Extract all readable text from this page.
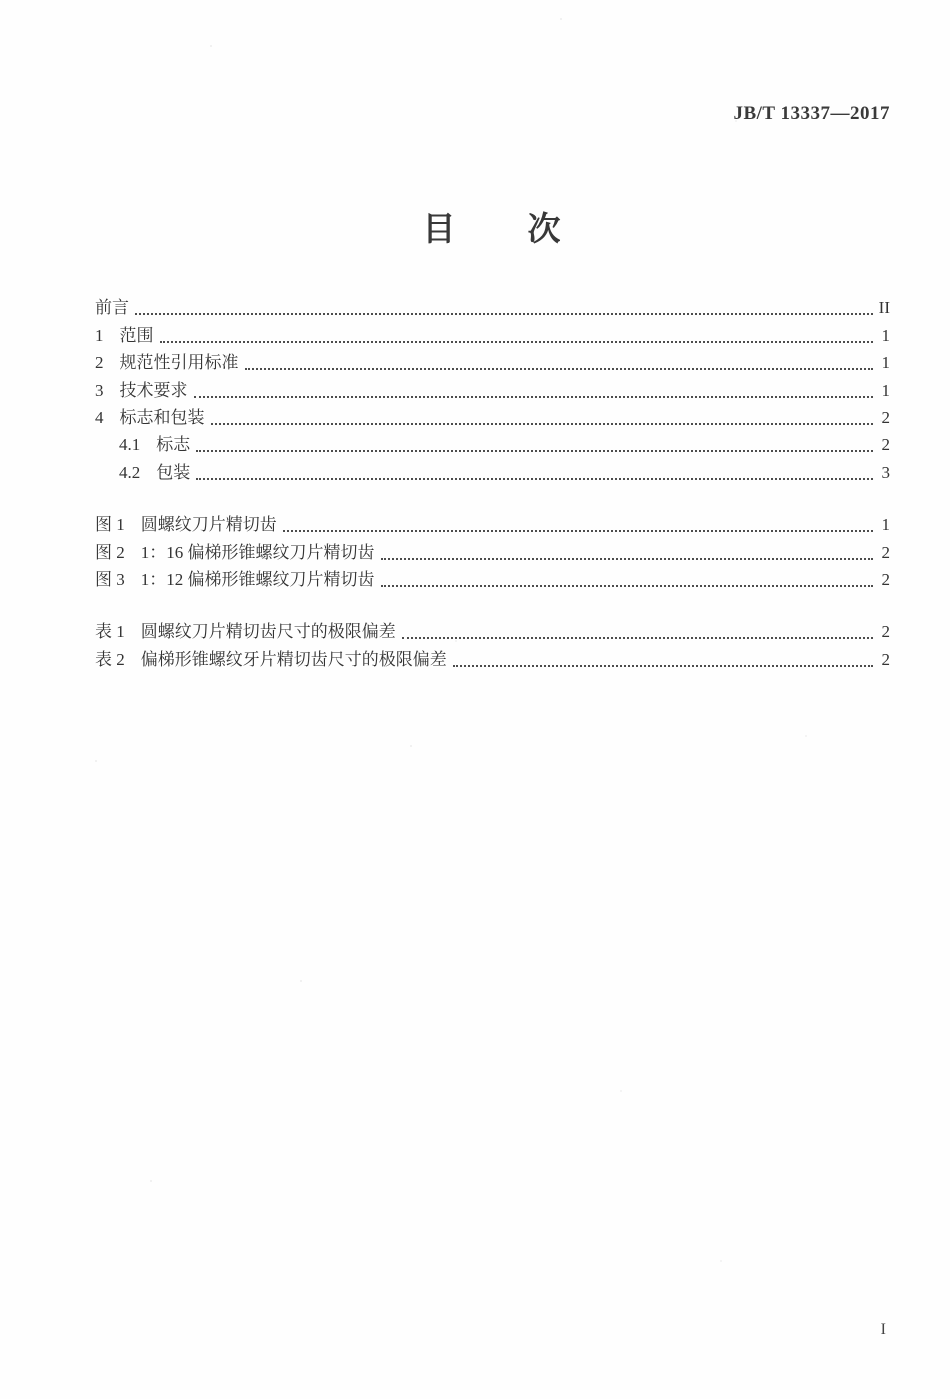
JB/T 13337—2017
目　　次
前言	II
1 范围	1
2 规范性引用标准	1
3 技术要求	1
4 标志和包装	2
4.1 标志	2
4.2 包装	3
图 1 圆螺纹刀片精切齿	1
图 2 1：16 偏梯形锥螺纹刀片精切齿	2
图 3 1：12 偏梯形锥螺纹刀片精切齿	2
表 1 圆螺纹刀片精切齿尺寸的极限偏差	2
表 2 偏梯形锥螺纹牙片精切齿尺寸的极限偏差	2
I
